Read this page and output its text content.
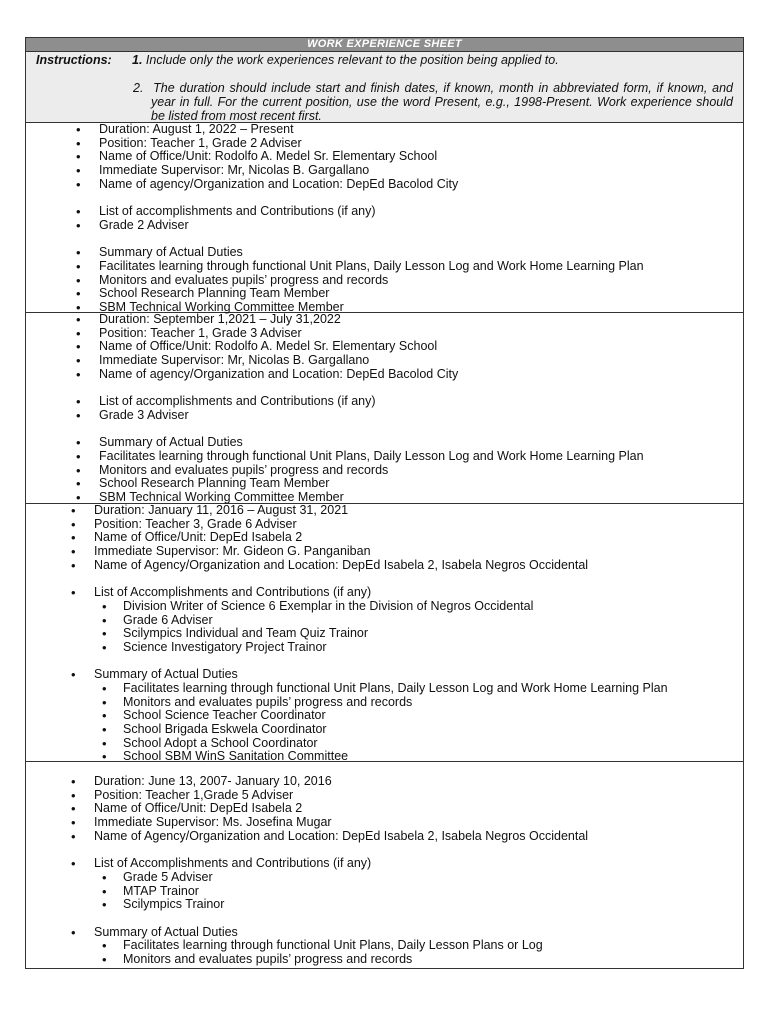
WORK EXPERIENCE SHEET
Instructions: 1. Include only the work experiences relevant to the position being applied to.
2. The duration should include start and finish dates, if known, month in abbreviated form, if known, and year in full. For the current position, use the word Present, e.g., 1998-Present. Work experience should be listed from most recent first.
• Duration: August 1, 2022 – Present
• Position: Teacher 1, Grade 2 Adviser
• Name of Office/Unit: Rodolfo A. Medel Sr. Elementary School
• Immediate Supervisor: Mr, Nicolas B. Gargallano
• Name of agency/Organization and Location: DepEd Bacolod City
• List of accomplishments and Contributions (if any)
• Grade 2 Adviser
• Summary of Actual Duties
• Facilitates learning through functional Unit Plans, Daily Lesson Log and Work Home Learning Plan
• Monitors and evaluates pupils’ progress and records
• School Research Planning Team Member
• SBM Technical Working Committee Member
• Duration: September 1,2021 – July 31,2022
• Position: Teacher 1, Grade 3 Adviser
• Name of Office/Unit: Rodolfo A. Medel Sr. Elementary School
• Immediate Supervisor: Mr, Nicolas B. Gargallano
• Name of agency/Organization and Location: DepEd Bacolod City
• List of accomplishments and Contributions (if any)
• Grade 3 Adviser
• Summary of Actual Duties
• Facilitates learning through functional Unit Plans, Daily Lesson Log and Work Home Learning Plan
• Monitors and evaluates pupils’ progress and records
• School Research Planning Team Member
• SBM Technical Working Committee Member
• Duration: January 11, 2016 – August 31, 2021
• Position: Teacher 3, Grade 6 Adviser
• Name of Office/Unit: DepEd Isabela 2
• Immediate Supervisor: Mr. Gideon G. Panganiban
• Name of Agency/Organization and Location: DepEd Isabela 2, Isabela Negros Occidental
• List of Accomplishments and Contributions (if any)
• Division Writer of Science 6 Exemplar in the Division of Negros Occidental
• Grade 6 Adviser
• Scilympics Individual and Team Quiz Trainor
• Science Investigatory Project Trainor
• Summary of Actual Duties
• Facilitates learning through functional Unit Plans, Daily Lesson Log and Work Home Learning Plan
• Monitors and evaluates pupils’ progress and records
• School Science Teacher Coordinator
• School Brigada Eskwela Coordinator
• School Adopt a School Coordinator
• School SBM WinS Sanitation Committee
• Duration: June 13, 2007- January 10, 2016
• Position: Teacher 1,Grade 5 Adviser
• Name of Office/Unit: DepEd Isabela 2
• Immediate Supervisor: Ms. Josefina Mugar
• Name of Agency/Organization and Location: DepEd Isabela 2, Isabela Negros Occidental
• List of Accomplishments and Contributions (if any)
• Grade 5 Adviser
• MTAP Trainor
• Scilympics Trainor
• Summary of Actual Duties
• Facilitates learning through functional Unit Plans, Daily Lesson Plans or Log
• Monitors and evaluates pupils’ progress and records
